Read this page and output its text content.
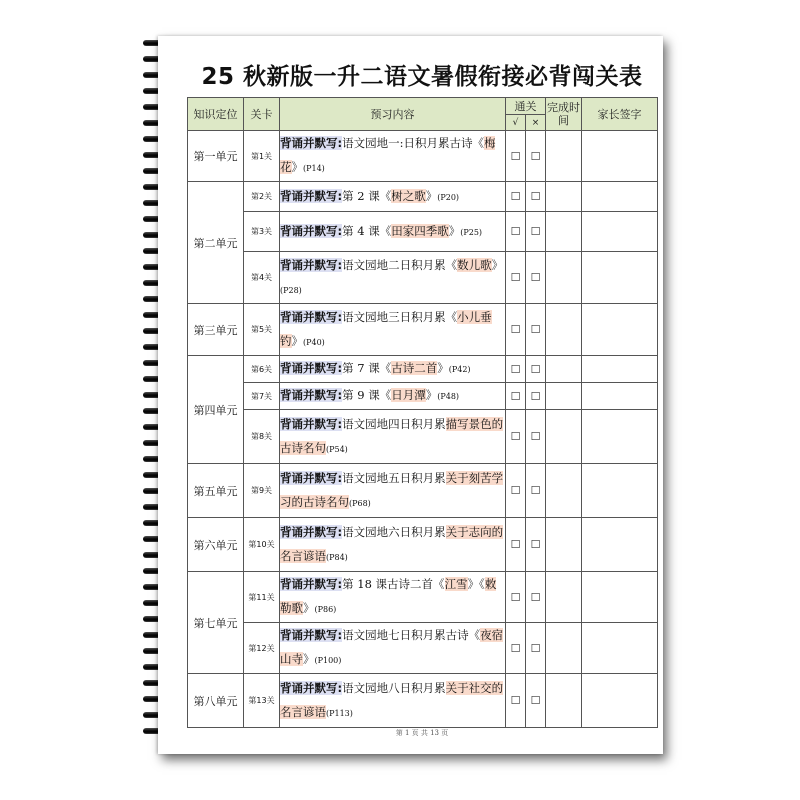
25 秋新版一升二语文暑假衔接必背闯关表
知识定位	关卡	预习内容	通关		完成时间	家长签字
			√	×		
第一单元	第1关	背诵并默写:语文园地一:日积月累古诗《梅花》(P14)	☐	☐		
第二单元	第2关	背诵并默写:第 2 课《树之歌》(P20)	☐	☐		
	第3关	背诵并默写:第 4 课《田家四季歌》(P25)	☐	☐		
	第4关	背诵并默写:语文园地二日积月累《数儿歌》(P28)	☐	☐		
第三单元	第5关	背诵并默写:语文园地三日积月累《小儿垂钓》(P40)	☐	☐		
第四单元	第6关	背诵并默写:第 7 课《古诗二首》(P42)	☐	☐		
	第7关	背诵并默写:第 9 课《日月潭》(P48)	☐	☐		
	第8关	背诵并默写:语文园地四日积月累描写景色的古诗名句(P54)	☐	☐		
第五单元	第9关	背诵并默写:语文园地五日积月累关于刻苦学习的古诗名句(P68)	☐	☐		
第六单元	第10关	背诵并默写:语文园地六日积月累关于志向的名言谚语(P84)	☐	☐		
第七单元	第11关	背诵并默写:第 18 课古诗二首《江雪》《敕勒歌》(P86)	☐	☐		
	第12关	背诵并默写:语文园地七日积月累古诗《夜宿山寺》(P100)	☐	☐		
第八单元	第13关	背诵并默写:语文园地八日积月累关于社交的名言谚语(P113)	☐	☐		
第 1 页 共 13 页
